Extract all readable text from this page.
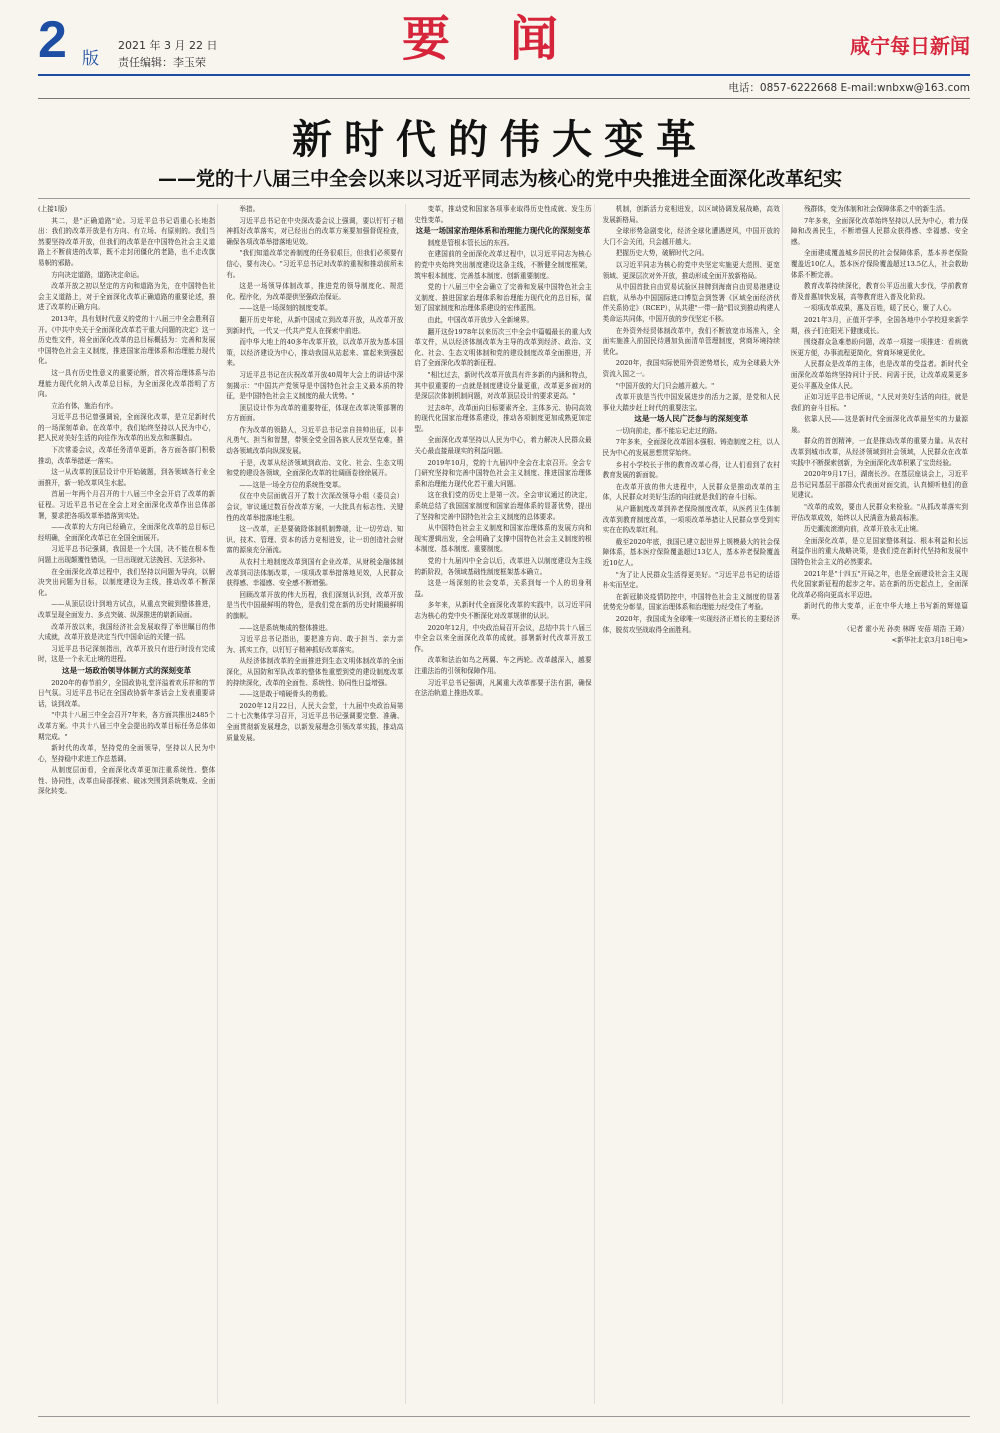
2 版
2021 年 3 月 22 日
责任编辑：李玉荣	要闻	咸宁每日新闻
电话：0857-6222668 E-mail:wnbxw@163.com
新时代的伟大变革
——党的十八届三中全会以来以习近平同志为核心的党中央推进全面深化改革纪实

(上接1版)

其二，是"正确道路"论。习近平总书记语重心长地指出：我们的改革开放是有方向、有立场、有原则的。我们当然要坚持改革开放，但我们的改革是在中国特色社会主义道路上不断前进的改革，既不走封闭僵化的老路，也不走改旗易帜的邪路。

方向决定道路，道路决定命运。

改革开放之初以坚定的方向和道路为先，在中国特色社会主义道路上，对于全面深化改革正确道路的重要论述，推进了改革的正确方向。

2013年，具有划时代意义的党的十八届三中全会胜利召开。《中共中央关于全面深化改革若干重大问题的决定》这一历史性文件，将全面深化改革的总目标概括为：完善和发展中国特色社会主义制度，推进国家治理体系和治理能力现代化。

这一具有历史性意义的重要论断，首次将治理体系与治理能力现代化纳入改革总目标，为全面深化改革指明了方向。

立治有体，施治有序。

习近平总书记曾强调说，全面深化改革，是立足新时代的一场深刻革命。在改革中，我们始终坚持以人民为中心，把人民对美好生活的向往作为改革的出发点和落脚点。

下次常委会议，改革任务清单更新，各方面各部门积极推动，改革举措逐一落实。

这一从改革的顶层设计中开始破题，到各领域各行业全面推开，新一轮改革风生水起。

首届一年两个月召开的十八届三中全会开启了改革的新征程。习近平总书记在全会上对全面深化改革作出总体部署，要求把各项改革举措落到实处。

——改革的大方向已经确立，全面深化改革的总目标已经明确，全面深化改革已在全国全面展开。

习近平总书记强调，我国是一个大国，决不能在根本性问题上出现颠覆性错误，一旦出现就无法挽回、无法弥补。

在全面深化改革过程中，我们坚持以问题为导向，以解决突出问题为目标，以制度建设为主线，推动改革不断深化。

——从顶层设计到地方试点，从重点突破到整体推进，改革呈现全面发力、多点突破、纵深推进的崭新局面。

改革开放以来，我国经济社会发展取得了举世瞩目的伟大成就，改革开放是决定当代中国命运的关键一招。

习近平总书记深刻指出，改革开放只有进行时没有完成时，这是一个永无止境的进程。

这是一场政治领导体制方式的深刻变革

2020年的春节前夕，全国政协礼堂洋溢着欢乐祥和的节日气氛。习近平总书记在全国政协新年茶话会上发表重要讲话，谈到改革。

"中共十八届三中全会召开7年来，各方面共推出2485个改革方案。中共十八届三中全会提出的改革目标任务总体如期完成。"

新时代的改革，坚持党的全面领导，坚持以人民为中心，坚持稳中求进工作总基调。

从制度层面看，全面深化改革更加注重系统性、整体性、协同性，改革由局部探索、破冰突围到系统集成、全面深化转变。

举措。

习近平总书记在中央深改委会议上强调，要以钉钉子精神抓好改革落实，对已经出台的改革方案要加强督促检查，确保各项改革举措落地见效。

"我们知道改革完善制度的任务很艰巨，但我们必须要有信心，要有决心。"习近平总书记对改革的重视和推动前所未有。

这是一场领导体制改革，推进党的领导制度化、规范化、程序化，为改革提供坚强政治保证。

——这是一场深刻的制度变革。

翻开历史年轮，从新中国成立到改革开放，从改革开放到新时代，一代又一代共产党人在探索中前进。

而中华大地上的40多年改革开放，以改革开放为基本国策，以经济建设为中心，推动我国从站起来、富起来到强起来。

习近平总书记在庆祝改革开放40周年大会上的讲话中深刻揭示："中国共产党领导是中国特色社会主义最本质的特征，是中国特色社会主义制度的最大优势。"

顶层设计作为改革的重要特征，体现在改革决策部署的方方面面。

作为改革的领路人，习近平总书记亲自挂帅出征，以非凡勇气、担当和智慧，带领全党全国各族人民攻坚克难，推动各领域改革向纵深发展。

于是，改革从经济领域到政治、文化、社会、生态文明和党的建设各领域，全面深化改革的壮阔画卷徐徐展开。

——这是一场全方位的系统性变革。

仅在中央层面就召开了数十次深改领导小组（委员会）会议，审议通过数百份改革方案，一大批具有标志性、关键性的改革举措落地生根。

这一改革，正是要破除体制机制弊端，让一切劳动、知识、技术、管理、资本的活力竞相迸发，让一切创造社会财富的源泉充分涌流。

从农村土地制度改革到国有企业改革，从财税金融体制改革到司法体制改革，一项项改革举措落地见效，人民群众获得感、幸福感、安全感不断增强。

回顾改革开放的伟大历程，我们深刻认识到，改革开放是当代中国最鲜明的特色，是我们党在新的历史时期最鲜明的旗帜。

——这是系统集成的整体推进。

习近平总书记指出，要把准方向、敢于担当、亲力亲为、抓实工作，以钉钉子精神抓好改革落实。

从经济体制改革的全面推进到生态文明体制改革的全面深化，从国防和军队改革的整体性重塑到党的建设制度改革的持续深化，改革的全面性、系统性、协同性日益增强。

——这是敢于啃硬骨头的勇毅。

2020年12月22日，人民大会堂，十九届中央政治局第二十七次集体学习召开，习近平总书记强调要完整、准确、全面贯彻新发展理念，以新发展理念引领改革实践，推动高质量发展。

变革，推动党和国家各项事业取得历史性成就、发生历史性变革。

这是一场国家治理体系和治理能力现代化的深刻变革

制度是管根本管长远的东西。

在建国前的全面深化改革过程中，以习近平同志为核心的党中央始终突出制度建设这条主线，不断健全制度框架，筑牢根本制度、完善基本制度、创新重要制度。

党的十八届三中全会确立了完善和发展中国特色社会主义制度、推进国家治理体系和治理能力现代化的总目标，谋划了国家制度和治理体系建设的宏伟蓝图。

由此，中国改革开放步入全新境界。

翻开这份1978年以来历次三中全会中篇幅最长的重大改革文件，从以经济体制改革为主导的改革到经济、政治、文化、社会、生态文明体制和党的建设制度改革全面推进，开启了全面深化改革的新征程。

"相比过去，新时代改革开放具有许多新的内涵和特点，其中很重要的一点就是制度建设分量更重，改革更多面对的是深层次体制机制问题，对改革顶层设计的要求更高。"

过去8年，改革面向目标要素齐全、主体多元、协同高效的现代化国家治理体系建设，推动各项制度更加成熟更加定型。

全面深化改革坚持以人民为中心，着力解决人民群众最关心最直接最现实的利益问题。

2019年10月，党的十九届四中全会在北京召开。全会专门研究坚持和完善中国特色社会主义制度、推进国家治理体系和治理能力现代化若干重大问题。

这在我们党的历史上是第一次。全会审议通过的决定，系统总结了我国国家制度和国家治理体系的显著优势，提出了坚持和完善中国特色社会主义制度的总体要求。

从中国特色社会主义制度和国家治理体系的发展方向和现实逻辑出发，全会明确了支撑中国特色社会主义制度的根本制度、基本制度、重要制度。

党的十九届四中全会以后，改革进入以制度建设为主线的新阶段，各领域基础性制度框架基本确立。

这是一场深刻的社会变革，关系到每一个人的切身利益。

多年来，从新时代全面深化改革的实践中，以习近平同志为核心的党中央不断深化对改革规律的认识。

2020年12月，中央政治局召开会议，总结中共十八届三中全会以来全面深化改革的成就，部署新时代改革开放工作。

改革和法治如鸟之两翼、车之两轮。改革越深入，越要注重法治的引领和保障作用。

习近平总书记强调，凡属重大改革都要于法有据，确保在法治轨道上推进改革。

机制，创新活力竞相迸发，以区域协调发展战略，高效发展新格局。

全球形势急剧变化，经济全球化遭遇逆风，中国开放的大门不会关闭，只会越开越大。

把握历史大势，破解时代之问。

以习近平同志为核心的党中央坚定实施更大范围、更宽领域、更深层次对外开放，推动形成全面开放新格局。

从中国首批自由贸易试验区挂牌到海南自由贸易港建设启航，从举办中国国际进口博览会到签署《区域全面经济伙伴关系协定》（RCEP），从共建"一带一路"倡议到推动构建人类命运共同体，中国开放的步伐坚定不移。

在外资外经贸体制改革中，我们不断放宽市场准入，全面实施准入前国民待遇加负面清单管理制度，营商环境持续优化。

2020年，我国实际使用外资逆势增长，成为全球最大外资流入国之一。

"中国开放的大门只会越开越大。"

改革开放是当代中国发展进步的活力之源，是党和人民事业大踏步赶上时代的重要法宝。

这是一场人民广泛参与的深刻变革

一切向前走，都不能忘记走过的路。

7年多来，全面深化改革固本强根、铸造制度之柱，以人民为中心的发展思想贯穿始终。

乡村小学校长于伟的教育改革心得，让人们看到了农村教育发展的新面貌。

在改革开放的伟大进程中，人民群众是推动改革的主体，人民群众对美好生活的向往就是我们的奋斗目标。

从户籍制度改革到养老保险制度改革，从医药卫生体制改革到教育制度改革，一项项改革举措让人民群众享受到实实在在的改革红利。

截至2020年底，我国已建立起世界上规模最大的社会保障体系，基本医疗保险覆盖超过13亿人，基本养老保险覆盖近10亿人。

"为了让人民群众生活得更美好。"习近平总书记的话语朴实而坚定。

在新冠肺炎疫情防控中，中国特色社会主义制度的显著优势充分彰显，国家治理体系和治理能力经受住了考验。

2020年，我国成为全球唯一实现经济正增长的主要经济体，脱贫攻坚战取得全面胜利。

残群体，变为体制和社会保障体系之中的新生活。

7年多来，全面深化改革始终坚持以人民为中心，着力保障和改善民生，不断增强人民群众获得感、幸福感、安全感。

全面建成覆盖城乡居民的社会保障体系，基本养老保险覆盖近10亿人，基本医疗保险覆盖超过13.5亿人，社会救助体系不断完善。

教育改革持续深化，教育公平迈出重大步伐，学前教育普及普惠加快发展，高等教育进入普及化阶段。

一项项改革成果，惠及百姓，暖了民心，聚了人心。

2021年3月，正值开学季，全国各地中小学校迎来新学期，孩子们在阳光下健康成长。

围绕群众急难愁盼问题，改革一项接一项推进：看病就医更方便，办事流程更简化，营商环境更优化。

人民群众是改革的主体，也是改革的受益者。新时代全面深化改革始终坚持问计于民、问需于民，让改革成果更多更公平惠及全体人民。

正如习近平总书记所说，"人民对美好生活的向往，就是我们的奋斗目标。"

依靠人民——这是新时代全面深化改革最坚实的力量源泉。

群众的首创精神，一直是推动改革的重要力量。从农村改革到城市改革，从经济领域到社会领域，人民群众在改革实践中不断探索创新，为全面深化改革积累了宝贵经验。

2020年9月17日，湖南长沙。在基层座谈会上，习近平总书记同基层干部群众代表面对面交流，认真倾听他们的意见建议。

"改革的成效，要由人民群众来检验。"从抓改革落实到评估改革成效，始终以人民满意为最高标准。

历史潮流滚滚向前，改革开放永无止境。

全面深化改革，是立足国家整体利益、根本利益和长远利益作出的重大战略决策，是我们党在新时代坚持和发展中国特色社会主义的必然要求。

2021年是"十四五"开局之年，也是全面建设社会主义现代化国家新征程的起步之年。站在新的历史起点上，全面深化改革必将向更高水平迈进。

新时代的伟大变革，正在中华大地上书写新的辉煌篇章。

（记者 霍小光 孙奕 林晖 安蓓 胡浩 王琦）

<新华社北京3月18日电>
